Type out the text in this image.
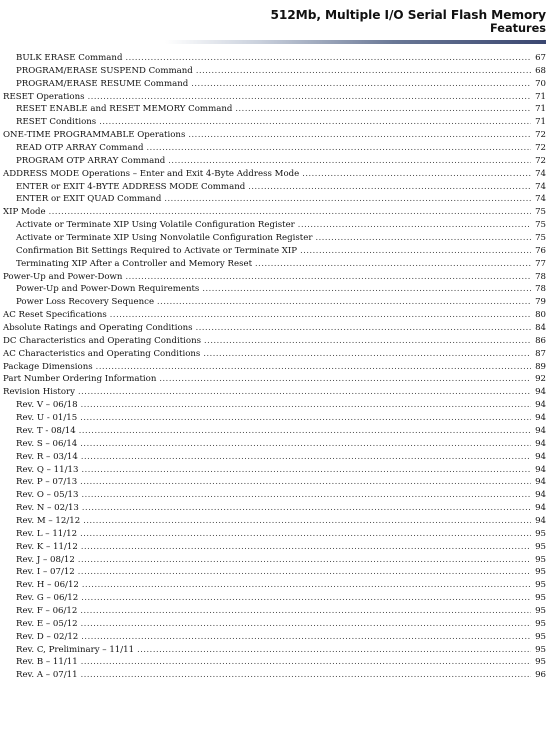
512Mb, Multiple I/O Serial Flash Memory
Features
BULK ERASE Command .....	67
PROGRAM/ERASE SUSPEND Command .....	68
PROGRAM/ERASE RESUME Command .....	70
RESET Operations .....	71
RESET ENABLE and RESET MEMORY Command .....	71
RESET Conditions .....	71
ONE-TIME PROGRAMMABLE Operations .....	72
READ OTP ARRAY Command .....	72
PROGRAM OTP ARRAY Command .....	72
ADDRESS MODE Operations – Enter and Exit 4-Byte Address Mode .....	74
ENTER or EXIT 4-BYTE ADDRESS MODE Command .....	74
ENTER or EXIT QUAD Command .....	74
XIP Mode .....	75
Activate or Terminate XIP Using Volatile Configuration Register .....	75
Activate or Terminate XIP Using Nonvolatile Configuration Register .....	75
Confirmation Bit Settings Required to Activate or Terminate XIP .....	76
Terminating XIP After a Controller and Memory Reset .....	77
Power-Up and Power-Down .....	78
Power-Up and Power-Down Requirements .....	78
Power Loss Recovery Sequence .....	79
AC Reset Specifications .....	80
Absolute Ratings and Operating Conditions .....	84
DC Characteristics and Operating Conditions .....	86
AC Characteristics and Operating Conditions .....	87
Package Dimensions .....	89
Part Number Ordering Information .....	92
Revision History .....	94
Rev. V – 06/18 .....	94
Rev. U - 01/15 .....	94
Rev. T - 08/14 .....	94
Rev. S – 06/14 .....	94
Rev. R – 03/14 .....	94
Rev. Q – 11/13 .....	94
Rev. P – 07/13 .....	94
Rev. O – 05/13 .....	94
Rev. N – 02/13 .....	94
Rev. M – 12/12 .....	94
Rev. L – 11/12 .....	95
Rev. K – 11/12 .....	95
Rev. J – 08/12 .....	95
Rev. I – 07/12 .....	95
Rev. H – 06/12 .....	95
Rev. G – 06/12 .....	95
Rev. F – 06/12 .....	95
Rev. E – 05/12 .....	95
Rev. D – 02/12 .....	95
Rev. C, Preliminary – 11/11 .....	95
Rev. B – 11/11 .....	95
Rev. A – 07/11 .....	96
